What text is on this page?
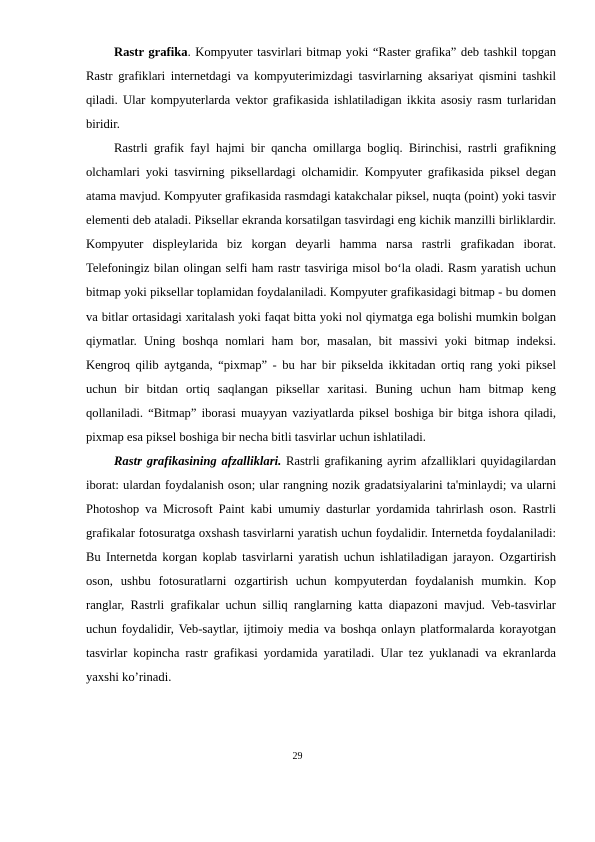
Rastr grafika. Kompyuter tasvirlari bitmap yoki “Raster grafika” deb tashkil topgan Rastr grafiklari internetdagi va kompyuterimizdagi tasvirlarning aksariyat qismini tashkil qiladi. Ular kompyuterlarda vektor grafikasida ishlatiladigan ikkita asosiy rasm turlaridan biridir.

Rastrli grafik fayl hajmi bir qancha omillarga bogliq. Birinchisi, rastrli grafikning olchamlari yoki tasvirning piksellardagi olchamidir. Kompyuter grafikasida piksel degan atama mavjud. Kompyuter grafikasida rasmdagi katakchalar piksel, nuqta (point) yoki tasvir elementi deb ataladi. Piksellar ekranda korsatilgan tasvirdagi eng kichik manzilli birliklardir. Kompyuter displeylarida biz korgan deyarli hamma narsa rastrli grafikadan iborat. Telefoningiz bilan olingan selfi ham rastr tasviriga misol bo‘la oladi. Rasm yaratish uchun bitmap yoki piksellar toplamidan foydalaniladi. Kompyuter grafikasidagi bitmap - bu domen va bitlar ortasidagi xaritalash yoki faqat bitta yoki nol qiymatga ega bolishi mumkin bolgan qiymatlar. Uning boshqa nomlari ham bor, masalan, bit massivi yoki bitmap indeksi. Kengroq qilib aytganda, “pixmap” - bu har bir pikselda ikkitadan ortiq rang yoki piksel uchun bir bitdan ortiq saqlangan piksellar xaritasi. Buning uchun ham bitmap keng qollaniladi. “Bitmap” iborasi muayyan vaziyatlarda piksel boshiga bir bitga ishora qiladi, pixmap esa piksel boshiga bir necha bitli tasvirlar uchun ishlatiladi.

Rastr grafikasining afzalliklari. Rastrli grafikaning ayrim afzalliklari quyidagilardan iborat: ulardan foydalanish oson; ular rangning nozik gradatsiyalarini ta'minlaydi; va ularni Photoshop va Microsoft Paint kabi umumiy dasturlar yordamida tahrirlash oson. Rastrli grafikalar fotosuratga oxshash tasvirlarni yaratish uchun foydalidir. Internetda foydalaniladi: Bu Internetda korgan koplab tasvirlarni yaratish uchun ishlatiladigan jarayon. Ozgartirish oson, ushbu fotosuratlarni ozgartirish uchun kompyuterdan foydalanish mumkin. Kop ranglar, Rastrli grafikalar uchun silliq ranglarning katta diapazoni mavjud. Veb-tasvirlar uchun foydalidir, Veb-saytlar, ijtimoiy media va boshqa onlayn platformalarda korayotgan tasvirlar kopincha rastr grafikasi yordamida yaratiladi. Ular tez yuklanadi va ekranlarda yaxshi ko’rinadi.

29
